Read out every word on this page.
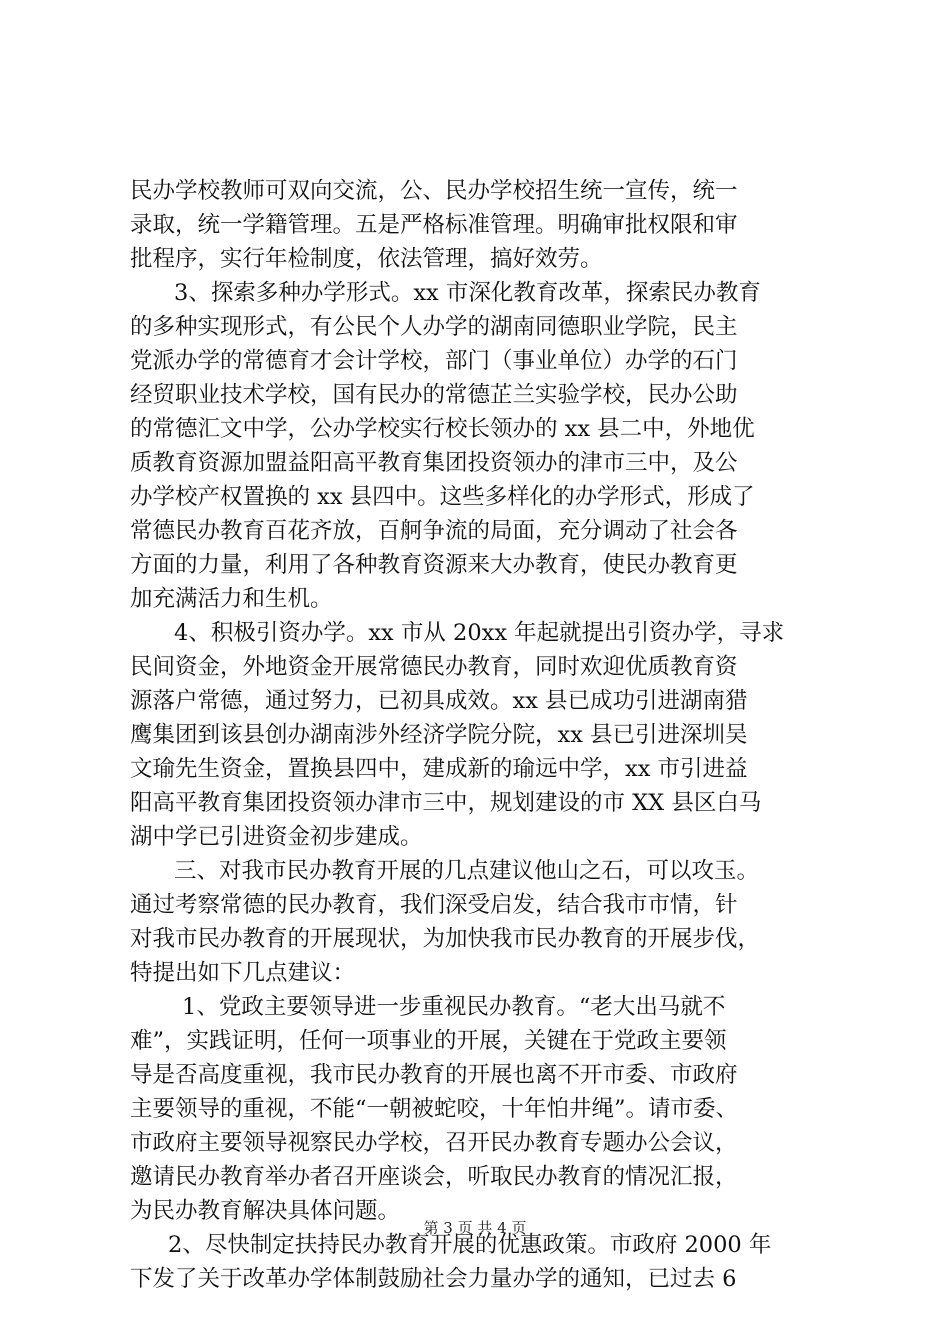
民办学校教师可双向交流，公、民办学校招生统一宣传，统一
录取，统一学籍管理。五是严格标准管理。明确审批权限和审
批程序，实行年检制度，依法管理，搞好效劳。
3、探索多种办学形式。xx 市深化教育改革，探索民办教育
的多种实现形式，有公民个人办学的湖南同德职业学院，民主
党派办学的常德育才会计学校，部门（事业单位）办学的石门
经贸职业技术学校，国有民办的常德芷兰实验学校，民办公助
的常德汇文中学，公办学校实行校长领办的 xx 县二中，外地优
质教育资源加盟益阳高平教育集团投资领办的津市三中，及公
办学校产权置换的 xx 县四中。这些多样化的办学形式，形成了
常德民办教育百花齐放，百舸争流的局面，充分调动了社会各
方面的力量，利用了各种教育资源来大办教育，使民办教育更
加充满活力和生机。
4、积极引资办学。xx 市从 20xx 年起就提出引资办学，寻求
民间资金，外地资金开展常德民办教育，同时欢迎优质教育资
源落户常德，通过努力，已初具成效。xx 县已成功引进湖南猎
鹰集团到该县创办湖南涉外经济学院分院，xx 县已引进深圳吴
文瑜先生资金，置换县四中，建成新的瑜远中学，xx 市引进益
阳高平教育集团投资领办津市三中，规划建设的市 XX 县区白马
湖中学已引进资金初步建成。
三、对我市民办教育开展的几点建议他山之石，可以攻玉。
通过考察常德的民办教育，我们深受启发，结合我市市情，针
对我市民办教育的开展现状，为加快我市民办教育的开展步伐，
特提出如下几点建议：
1、党政主要领导进一步重视民办教育。“老大出马就不
难”，实践证明，任何一项事业的开展，关键在于党政主要领
导是否高度重视，我市民办教育的开展也离不开市委、市政府
主要领导的重视，不能“一朝被蛇咬，十年怕井绳”。请市委、
市政府主要领导视察民办学校，召开民办教育专题办公会议，
邀请民办教育举办者召开座谈会，听取民办教育的情况汇报，
为民办教育解决具体问题。
2、尽快制定扶持民办教育开展的优惠政策。市政府 2000 年
下发了关于改革办学体制鼓励社会力量办学的通知，已过去 6
第 3 页 共 4 页
